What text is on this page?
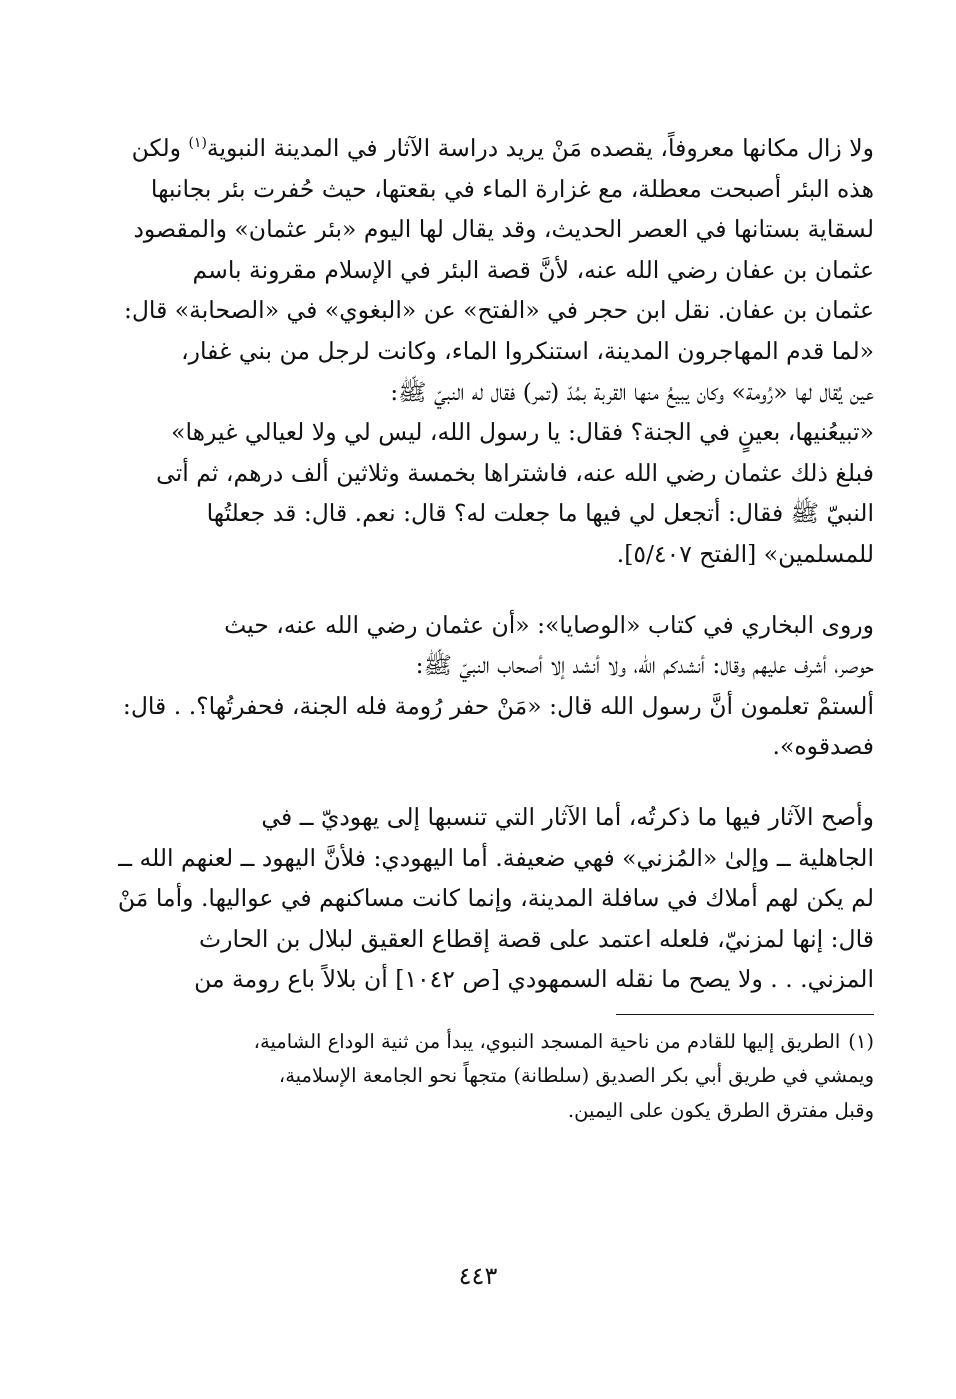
ولا زال مكانها معروفاً، يقصده مَنْ يريد دراسة الآثار في المدينة النبوية$^{(١)}$ ولكن
هذه البئر أصبحت معطلة، مع غزارة الماء في بقعتها، حيث حُفرت بئر بجانبها
لسقاية بستانها في العصر الحديث، وقد يقال لها اليوم «بئر عثمان» والمقصود
عثمان بن عفان رضي الله عنه، لأنَّ قصة البئر في الإسلام مقرونة باسم
عثمان بن عفان. نقل ابن حجر في «الفتح» عن «البغوي» في «الصحابة» قال:
«لما قدم المهاجرون المدينة، استنكروا الماء، وكانت لرجل من بني غفار،
عين يُقال لها «رُومة» وكان يبيعُ منها القربة بمُدّ (تمر) فقال له النبيّ ﷺ:
«تبيعُنيها، بعينٍ في الجنة؟ فقال: يا رسول الله، ليس لي ولا لعيالي غيرها»
فبلغ ذلك عثمان رضي الله عنه، فاشتراها بخمسة وثلاثين ألف درهم، ثم أتى
النبيّ ﷺ فقال: أتجعل لي فيها ما جعلت له؟ قال: نعم. قال: قد جعلتُها
للمسلمين» [الفتح ٥/٤٠٧].

وروى البخاري في كتاب «الوصايا»: «أن عثمان رضي الله عنه، حيث
حوصر، أشرف عليهم وقال: أنشدكم الله، ولا أنشد إلا أصحاب النبيّ ﷺ:
ألستمْ تعلمون أنَّ رسول الله قال: «مَنْ حفر رُومة فله الجنة، فحفرتُها؟. . قال:
فصدقوه».

وأصح الآثار فيها ما ذكرتُه، أما الآثار التي تنسبها إلى يهوديّ ــ في
الجاهلية ــ وإلىٰ «المُزني» فهي ضعيفة. أما اليهودي: فلأنَّ اليهود ــ لعنهم الله ــ
لم يكن لهم أملاك في سافلة المدينة، وإنما كانت مساكنهم في عواليها. وأما مَنْ
قال: إنها لمزنيّ، فلعله اعتمد على قصة إقطاع العقيق لبلال بن الحارث
المزني. . . ولا يصح ما نقله السمهودي [ص ١٠٤٢] أن بلالاً باع رومة من

(١)الطريق إليها للقادم من ناحية المسجد النبوي، يبدأ من ثنية الوداع الشامية،
ويمشي في طريق أبي بكر الصديق (سلطانة) متجهاً نحو الجامعة الإسلامية،
وقبل مفترق الطرق يكون على اليمين.
٤٤٣
